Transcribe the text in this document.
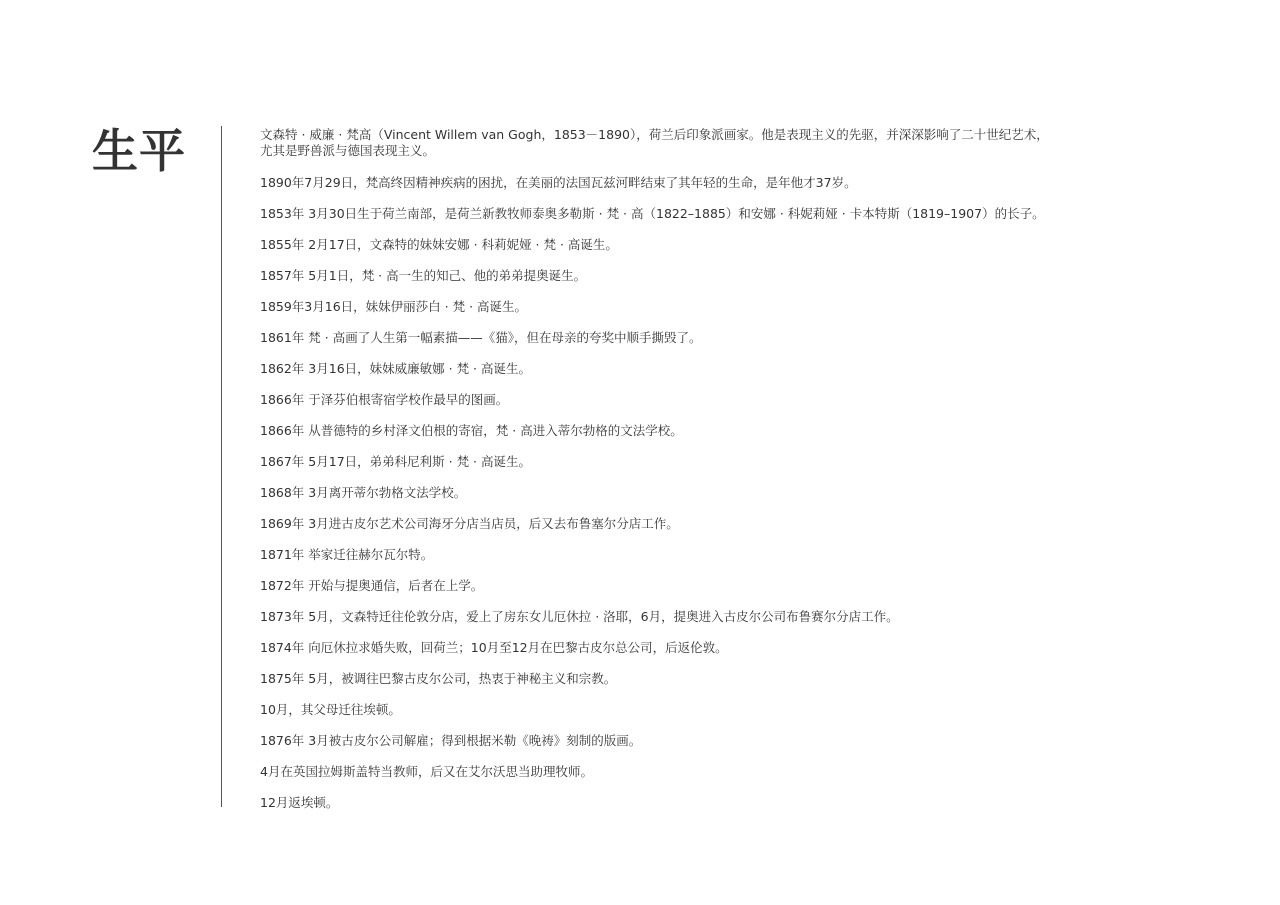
生平	文森特 · 威廉 · 梵高（Vincent Willem van Gogh，1853－1890），荷兰后印象派画家。他是表现主义的先驱，并深深影响了二十世纪艺术，尤其是野兽派与德国表现主义。

1890年7月29日，梵高终因精神疾病的困扰，在美丽的法国瓦兹河畔结束了其年轻的生命，是年他才37岁。

1853年 3月30日生于荷兰南部，是荷兰新教牧师泰奥多勒斯 · 梵 · 高（1822–1885）和安娜 · 科妮莉娅 · 卡本特斯（1819–1907）的长子。

1855年 2月17日，文森特的妹妹安娜 · 科莉妮娅 · 梵 · 高诞生。

1857年 5月1日，梵 · 高一生的知己、他的弟弟提奥诞生。

1859年3月16日，妹妹伊丽莎白 · 梵 · 高诞生。

1861年 梵 · 高画了人生第一幅素描——《猫》，但在母亲的夸奖中顺手撕毁了。

1862年 3月16日，妹妹威廉敏娜 · 梵 · 高诞生。

1866年 于泽芬伯根寄宿学校作最早的图画。

1866年 从普德特的乡村泽文伯根的寄宿，梵 · 高进入蒂尔勃格的文法学校。

1867年 5月17日，弟弟科尼利斯 · 梵 · 高诞生。

1868年 3月离开蒂尔勃格文法学校。

1869年 3月进古皮尔艺术公司海牙分店当店员，后又去布鲁塞尔分店工作。

1871年 举家迁往赫尔瓦尔特。

1872年 开始与提奥通信，后者在上学。

1873年 5月，文森特迁往伦敦分店，爱上了房东女儿厄休拉 · 洛耶，6月，提奥进入古皮尔公司布鲁赛尔分店工作。

1874年 向厄休拉求婚失败，回荷兰；10月至12月在巴黎古皮尔总公司，后返伦敦。

1875年 5月，被调往巴黎古皮尔公司，热衷于神秘主义和宗教。

10月，其父母迁往埃顿。

1876年 3月被古皮尔公司解雇；得到根据米勒《晚祷》刻制的版画。

4月在英国拉姆斯盖特当教师，后又在艾尔沃思当助理牧师。

12月返埃顿。
